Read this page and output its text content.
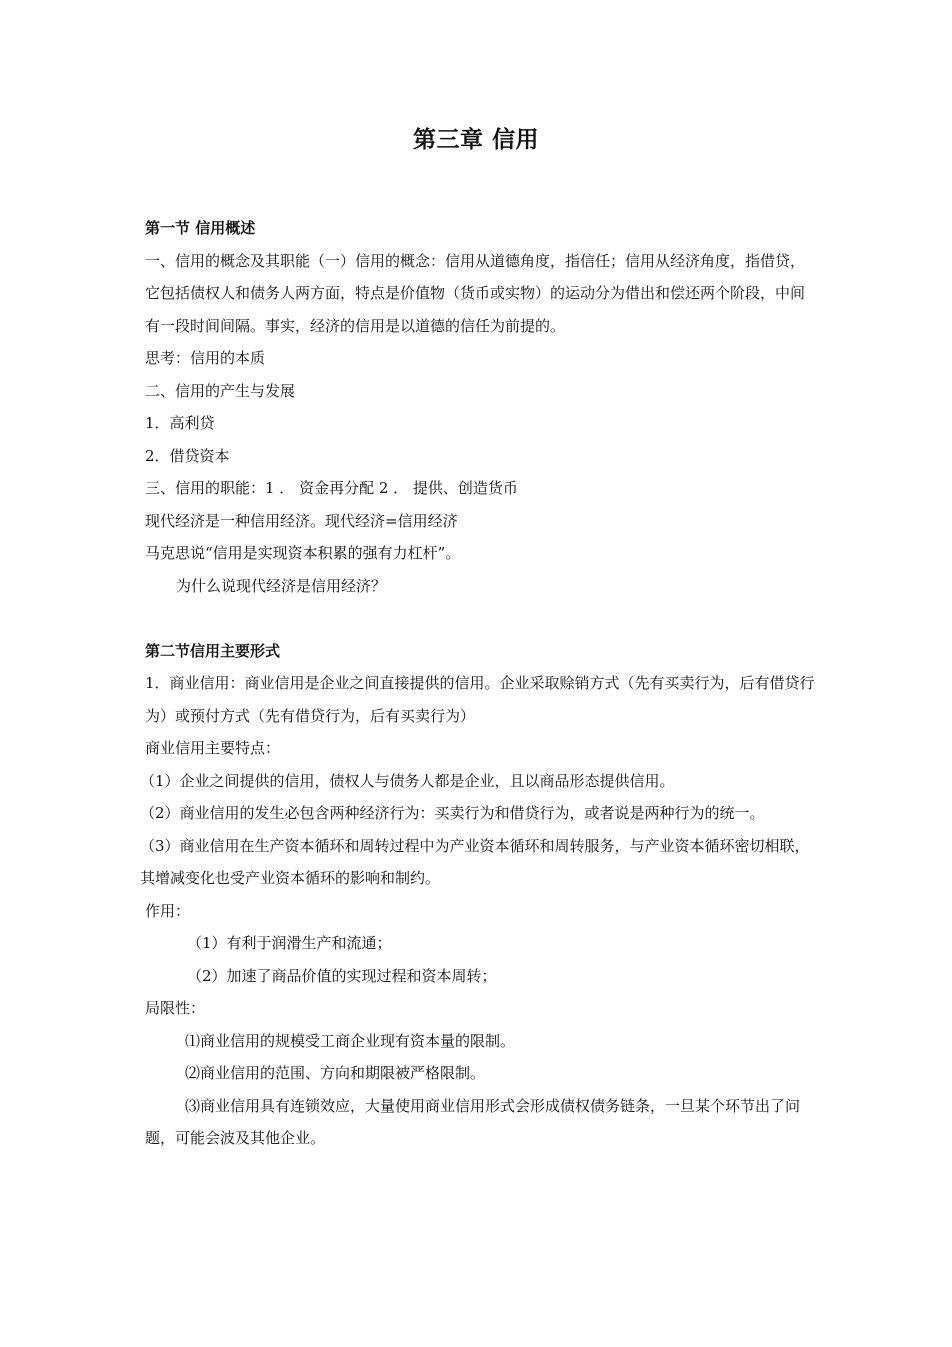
第三章 信用
第一节 信用概述

一、信用的概念及其职能（一）信用的概念：信用从道德角度，指信任；信用从经济角度，指借贷，它包括债权人和债务人两方面，特点是价值物（货币或实物）的运动分为借出和偿还两个阶段，中间有一段时间间隔。事实，经济的信用是以道德的信任为前提的。

思考：信用的本质

二、信用的产生与发展

1．高利贷

2．借贷资本

三、信用的职能：1 ． 资金再分配 2 ． 提供、创造货币

现代经济是一种信用经济。现代经济=信用经济

马克思说“信用是实现资本积累的强有力杠杆”。

为什么说现代经济是信用经济？

第二节信用主要形式

1．商业信用：商业信用是企业之间直接提供的信用。企业采取赊销方式（先有买卖行为，后有借贷行为）或预付方式（先有借贷行为，后有买卖行为）

商业信用主要特点：

（1）企业之间提供的信用，债权人与债务人都是企业，且以商品形态提供信用。

（2）商业信用的发生必包含两种经济行为：买卖行为和借贷行为，或者说是两种行为的统一。

（3）商业信用在生产资本循环和周转过程中为产业资本循环和周转服务，与产业资本循环密切相联，其增减变化也受产业资本循环的影响和制约。

作用：

（1）有利于润滑生产和流通；

（2）加速了商品价值的实现过程和资本周转；

局限性：

⑴商业信用的规模受工商企业现有资本量的限制。

⑵商业信用的范围、方向和期限被严格限制。

⑶商业信用具有连锁效应，大量使用商业信用形式会形成债权债务链条，一旦某个环节出了问题，可能会波及其他企业。
